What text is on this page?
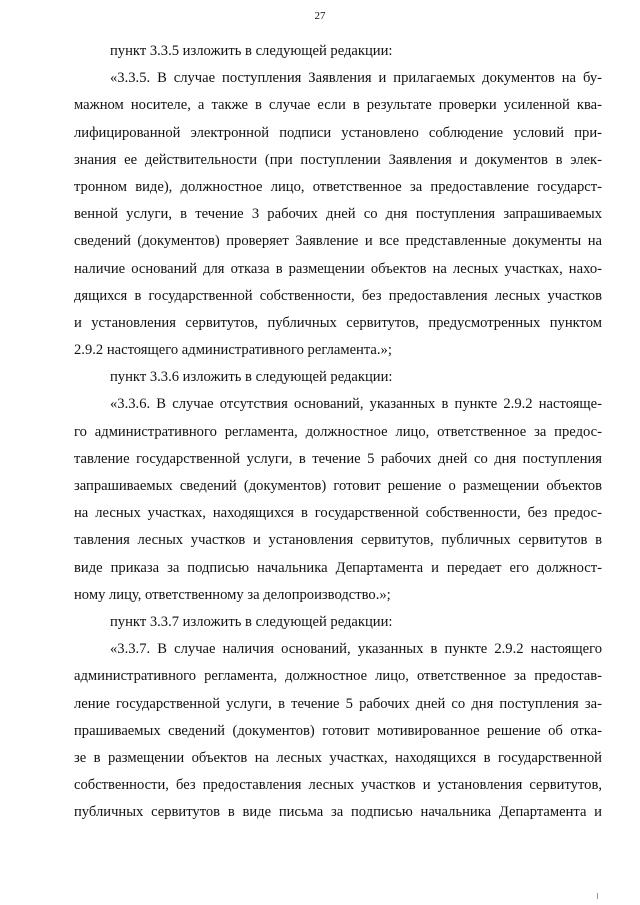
27
пункт 3.3.5 изложить в следующей редакции:
«3.3.5. В случае поступления Заявления и прилагаемых документов на бу-
мажном носителе, а также в случае если в результате проверки усиленной ква-
лифицированной электронной подписи установлено соблюдение условий при-
знания ее действительности (при поступлении Заявления и документов в элек-
тронном виде), должностное лицо, ответственное за предоставление государст-
венной услуги, в течение 3 рабочих дней со дня поступления запрашиваемых
сведений (документов) проверяет Заявление и все представленные документы на
наличие оснований для отказа в размещении объектов на лесных участках, нахо-
дящихся в государственной собственности, без предоставления лесных участков
и установления сервитутов, публичных сервитутов, предусмотренных пунктом
2.9.2 настоящего административного регламента.»;
пункт 3.3.6 изложить в следующей редакции:
«3.3.6. В случае отсутствия оснований, указанных в пункте 2.9.2 настояще-
го административного регламента, должностное лицо, ответственное за предос-
тавление государственной услуги, в течение 5 рабочих дней со дня поступления
запрашиваемых сведений (документов) готовит решение о размещении объектов
на лесных участках, находящихся в государственной собственности, без предос-
тавления лесных участков и установления сервитутов, публичных сервитутов в
виде приказа за подписью начальника Департамента и передает его должност-
ному лицу, ответственному за делопроизводство.»;
пункт 3.3.7 изложить в следующей редакции:
«3.3.7. В случае наличия оснований, указанных в пункте 2.9.2 настоящего
административного регламента, должностное лицо, ответственное за предостав-
ление государственной услуги, в течение 5 рабочих дней со дня поступления за-
прашиваемых сведений (документов) готовит мотивированное решение об отка-
зе в размещении объектов на лесных участках, находящихся в государственной
собственности, без предоставления лесных участков и установления сервитутов,
публичных сервитутов в виде письма за подписью начальника Департамента и
